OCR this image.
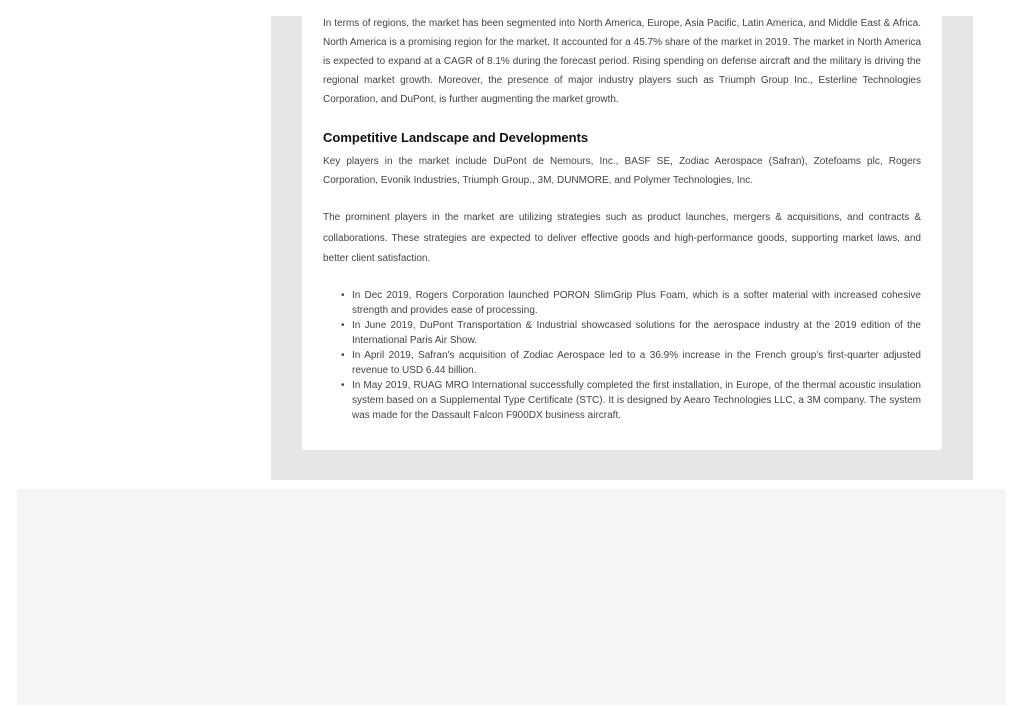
In terms of regions, the market has been segmented into North America, Europe, Asia Pacific, Latin America, and Middle East & Africa. North America is a promising region for the market. It accounted for a 45.7% share of the market in 2019. The market in North America is expected to expand at a CAGR of 8.1% during the forecast period. Rising spending on defense aircraft and the military is driving the regional market growth. Moreover, the presence of major industry players such as Triumph Group Inc., Esterline Technologies Corporation, and DuPont, is further augmenting the market growth.

Competitive Landscape and Developments

Key players in the market include DuPont de Nemours, Inc., BASF SE, Zodiac Aerospace (Safran), Zotefoams plc, Rogers Corporation, Evonik Industries, Triumph Group., 3M, DUNMORE, and Polymer Technologies, Inc.

The prominent players in the market are utilizing strategies such as product launches, mergers & acquisitions, and contracts & collaborations. These strategies are expected to deliver effective goods and high-performance goods, supporting market laws, and better client satisfaction.

• In Dec 2019, Rogers Corporation launched PORON SlimGrip Plus Foam, which is a softer material with increased cohesive strength and provides ease of processing.
• In June 2019, DuPont Transportation & Industrial showcased solutions for the aerospace industry at the 2019 edition of the International Paris Air Show.
• In April 2019, Safran's acquisition of Zodiac Aerospace led to a 36.9% increase in the French group's first-quarter adjusted revenue to USD 6.44 billion.
• In May 2019, RUAG MRO International successfully completed the first installation, in Europe, of the thermal acoustic insulation system based on a Supplemental Type Certificate (STC). It is designed by Aearo Technologies LLC, a 3M company. The system was made for the Dassault Falcon F900DX business aircraft.
